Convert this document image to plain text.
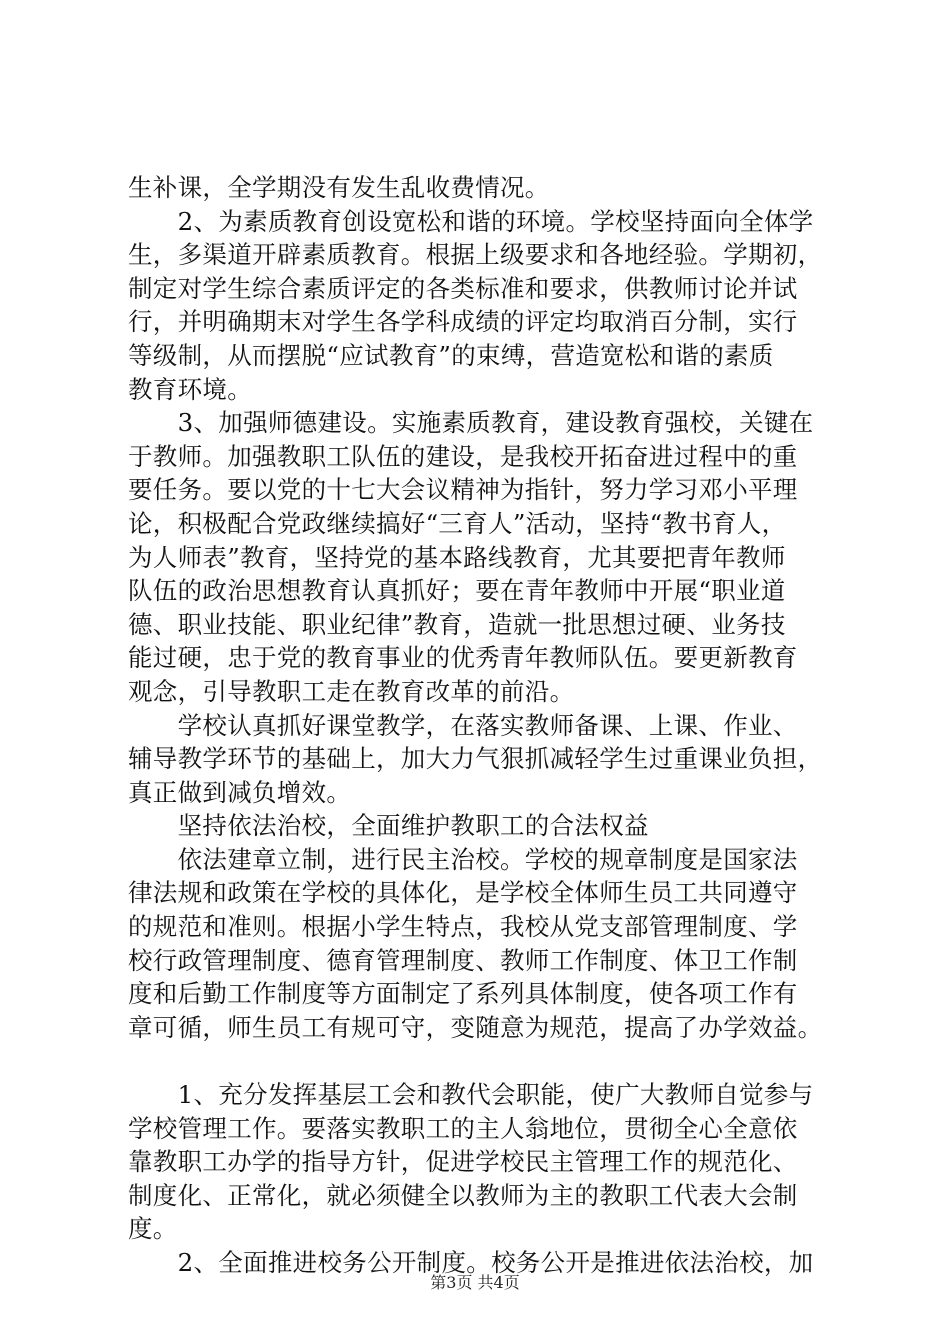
生补课，全学期没有发生乱收费情况。
　　2、为素质教育创设宽松和谐的环境。学校坚持面向全体学
生，多渠道开辟素质教育。根据上级要求和各地经验。学期初，
制定对学生综合素质评定的各类标准和要求，供教师讨论并试
行，并明确期末对学生各学科成绩的评定均取消百分制，实行
等级制，从而摆脱“应试教育”的束缚，营造宽松和谐的素质
教育环境。
　　3、加强师德建设。实施素质教育，建设教育强校，关键在
于教师。加强教职工队伍的建设，是我校开拓奋进过程中的重
要任务。要以党的十七大会议精神为指针，努力学习邓小平理
论，积极配合党政继续搞好“三育人”活动，坚持“教书育人，
为人师表”教育，坚持党的基本路线教育，尤其要把青年教师
队伍的政治思想教育认真抓好；要在青年教师中开展“职业道
德、职业技能、职业纪律”教育，造就一批思想过硬、业务技
能过硬，忠于党的教育事业的优秀青年教师队伍。要更新教育
观念，引导教职工走在教育改革的前沿。
　　学校认真抓好课堂教学，在落实教师备课、上课、作业、
辅导教学环节的基础上，加大力气狠抓减轻学生过重课业负担，
真正做到减负增效。
　　坚持依法治校，全面维护教职工的合法权益
　　依法建章立制，进行民主治校。学校的规章制度是国家法
律法规和政策在学校的具体化，是学校全体师生员工共同遵守
的规范和准则。根据小学生特点，我校从党支部管理制度、学
校行政管理制度、德育管理制度、教师工作制度、体卫工作制
度和后勤工作制度等方面制定了系列具体制度，使各项工作有
章可循，师生员工有规可守，变随意为规范，提高了办学效益。
　　1、充分发挥基层工会和教代会职能，使广大教师自觉参与
学校管理工作。要落实教职工的主人翁地位，贯彻全心全意依
靠教职工办学的指导方针，促进学校民主管理工作的规范化、
制度化、正常化，就必须健全以教师为主的教职工代表大会制
度。
　　2、全面推进校务公开制度。校务公开是推进依法治校，加
第3页 共4页
